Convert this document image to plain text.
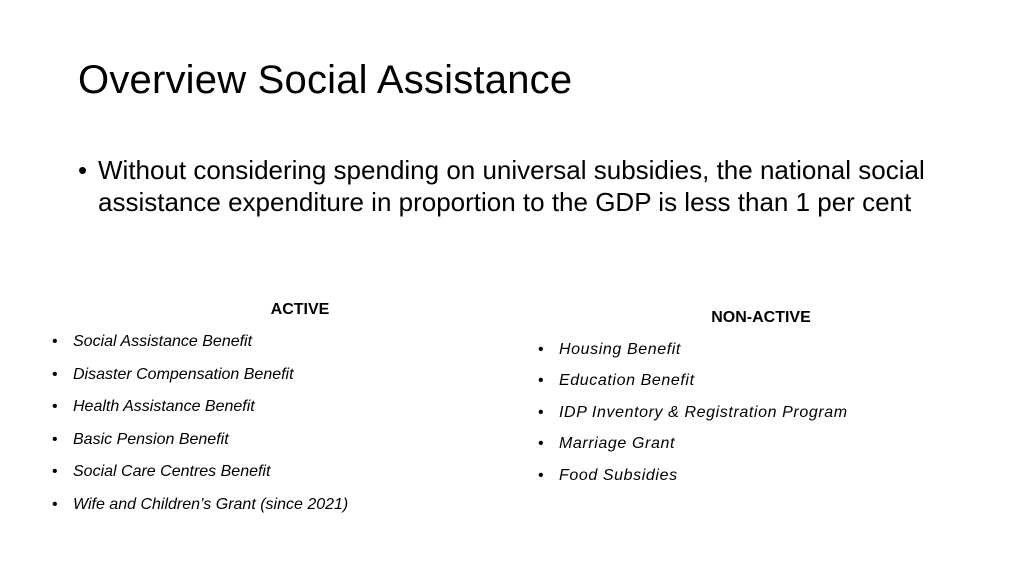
Overview Social Assistance
• Without considering spending on universal subsidies, the national social assistance expenditure in proportion to the GDP is less than 1 per cent
ACTIVE
• Social Assistance Benefit
• Disaster Compensation Benefit
• Health Assistance Benefit
• Basic Pension Benefit
• Social Care Centres Benefit
• Wife and Children’s Grant (since 2021)
NON-ACTIVE
• Housing Benefit
• Education Benefit
• IDP Inventory & Registration Program
• Marriage Grant
• Food Subsidies
